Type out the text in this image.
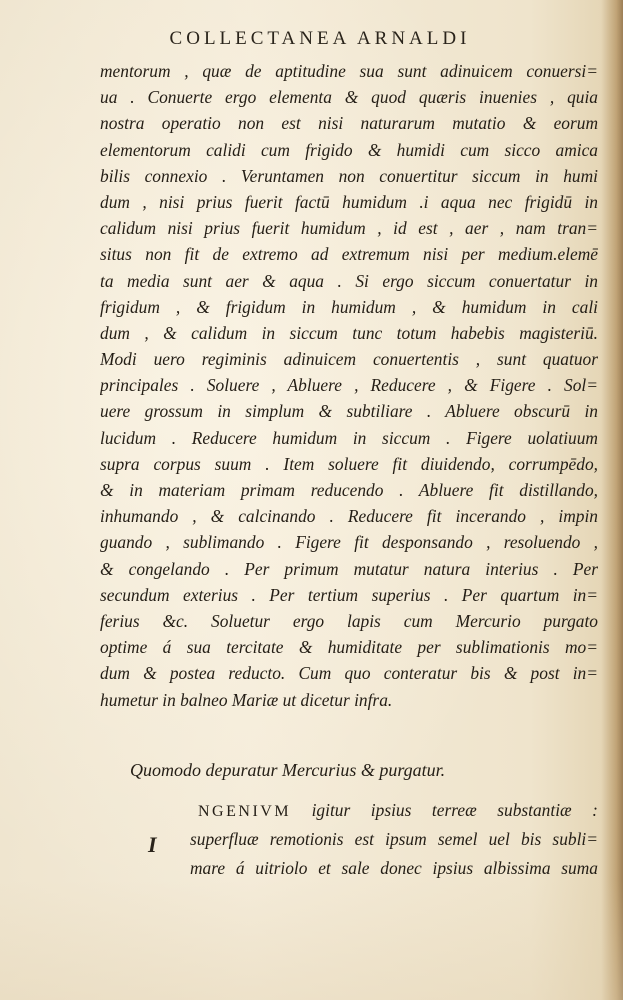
COLLECTANEA ARNALDI
mentorum , quæ de aptitudine sua sunt adinuicem conuersi=
ua . Conuerte ergo elementa & quod quæris inuenies , quia
nostra operatio non est nisi naturarum mutatio & eorum
elementorum calidi cum frigido & humidi cum sicco amica
bilis connexio . Veruntamen non conuertitur siccum in humi
dum , nisi prius fuerit factū humidum .i aqua nec frigidū in
calidum nisi prius fuerit humidum , id est , aer , nam tran=
situs non fit de extremo ad extremum nisi per medium.elemē
ta media sunt aer & aqua . Si ergo siccum conuertatur in
frigidum , & frigidum in humidum , & humidum in cali
dum , & calidum in siccum tunc totum habebis magisteriū.
Modi uero regiminis adinuicem conuertentis , sunt quatuor
principales . Soluere , Abluere , Reducere , & Figere . Sol=
uere grossum in simplum & subtiliare . Abluere obscurū in
lucidum . Reducere humidum in siccum . Figere uolatiuum
supra corpus suum . Item soluere fit diuidendo, corrumpēdo,
& in materiam primam reducendo . Abluere fit distillando,
inhumando , & calcinando . Reducere fit incerando , impin
guando , sublimando . Figere fit desponsando , resoluendo ,
& congelando . Per primum mutatur natura interius . Per
secundum exterius . Per tertium superius . Per quartum in=
ferius &c. Soluetur ergo lapis cum Mercurio purgato
optime á sua tercitate & humiditate per sublimationis mo=
dum & postea reducto. Cum quo conteratur bis & post in=
humetur in balneo Mariæ ut dicetur infra.
Quomodo depuratur Mercurius & purgatur.
I
NGENIVM igitur ipsius terreæ substantiæ :
superfluæ remotionis est ipsum semel uel bis subli=
mare á uitriolo et sale donec ipsius albissima suma
